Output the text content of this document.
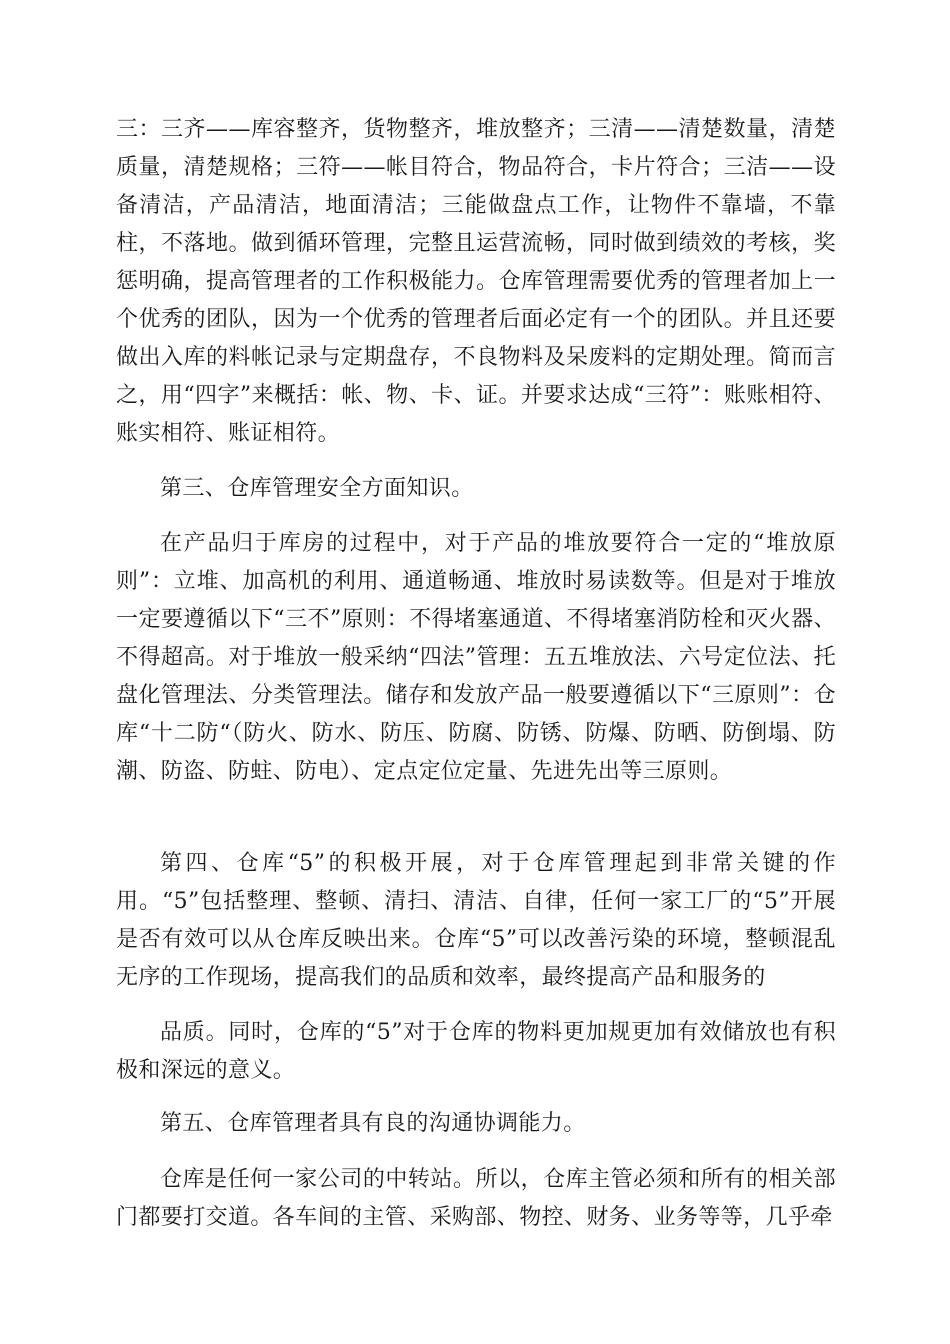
三：三齐——库容整齐，货物整齐，堆放整齐；三清——清楚数量，清楚质量，清楚规格；三符——帐目符合，物品符合，卡片符合；三洁——设备清洁，产品清洁，地面清洁；三能做盘点工作，让物件不靠墙，不靠柱，不落地。做到循环管理，完整且运营流畅，同时做到绩效的考核，奖惩明确，提高管理者的工作积极能力。仓库管理需要优秀的管理者加上一个优秀的团队，因为一个优秀的管理者后面必定有一个的团队。并且还要做出入库的料帐记录与定期盘存，不良物料及呆废料的定期处理。简而言之，用“四字”来概括：帐、物、卡、证。并要求达成“三符”：账账相符、账实相符、账证相符。

第三、仓库管理安全方面知识。

在产品归于库房的过程中，对于产品的堆放要符合一定的“堆放原则”：立堆、加高机的利用、通道畅通、堆放时易读数等。但是对于堆放一定要遵循以下“三不”原则：不得堵塞通道、不得堵塞消防栓和灭火器、不得超高。对于堆放一般采纳“四法”管理：五五堆放法、六号定位法、托盘化管理法、分类管理法。储存和发放产品一般要遵循以下“三原则”：仓库“十二防“（防火、防水、防压、防腐、防锈、防爆、防晒、防倒塌、防潮、防盗、防蛀、防电）、定点定位定量、先进先出等三原则。

第四、仓库“5”的积极开展，对于仓库管理起到非常关键的作用。“5”包括整理、整顿、清扫、清洁、自律，任何一家工厂的“5”开展是否有效可以从仓库反映出来。仓库“5”可以改善污染的环境，整顿混乱无序的工作现场，提高我们的品质和效率，最终提高产品和服务的

品质。同时，仓库的“5”对于仓库的物料更加规更加有效储放也有积极和深远的意义。

第五、仓库管理者具有良的沟通协调能力。

仓库是任何一家公司的中转站。所以，仓库主管必须和所有的相关部门都要打交道。各车间的主管、采购部、物控、财务、业务等等，几乎牵
